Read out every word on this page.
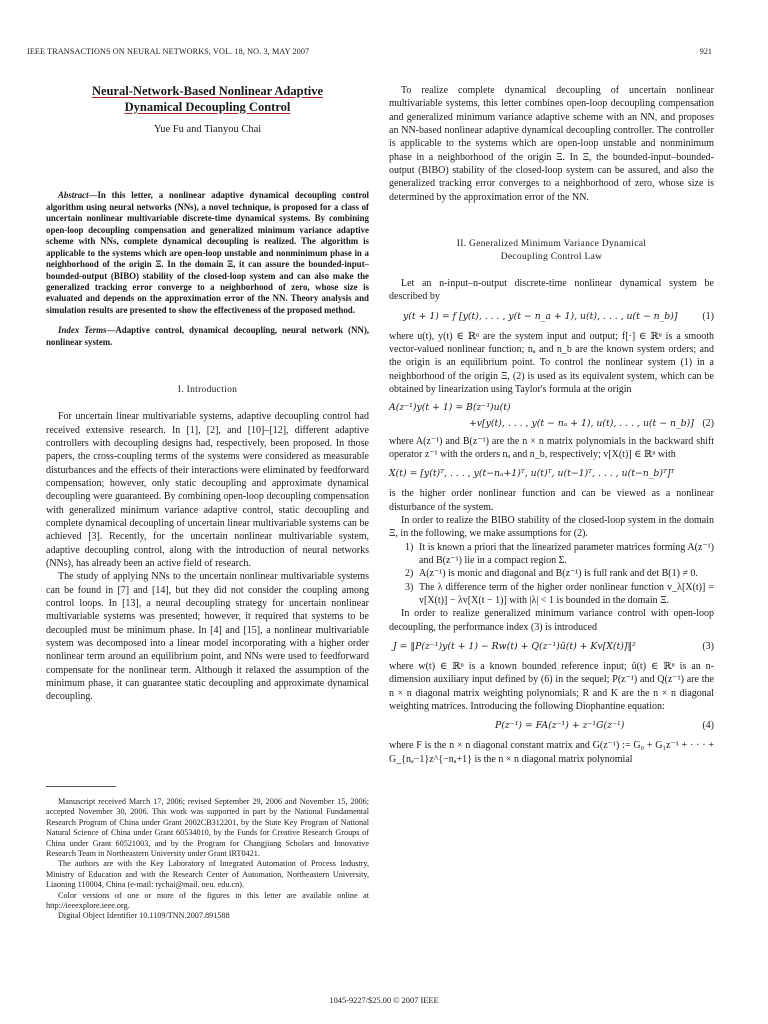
IEEE TRANSACTIONS ON NEURAL NETWORKS, VOL. 18, NO. 3, MAY 2007	921
Neural-Network-Based Nonlinear Adaptive
Dynamical Decoupling Control
Yue Fu and Tianyou Chai

Abstract—In this letter, a nonlinear adaptive dynamical decoupling control algorithm using neural networks (NNs), a novel technique, is proposed for a class of uncertain nonlinear multivariable discrete-time dynamical systems. By combining open-loop decoupling compensation and generalized minimum variance adaptive scheme with NNs, complete dynamical decoupling is realized. The algorithm is applicable to the systems which are open-loop unstable and nonminimum phase in a neighborhood of the origin Ξ. In the domain Ξ, it can assure the bounded-input–bounded-output (BIBO) stability of the closed-loop system and can also make the generalized tracking error converge to a neighborhood of zero, whose size is evaluated and depends on the approximation error of the NN. Theory analysis and simulation results are presented to show the effectiveness of the proposed method.

Index Terms—Adaptive control, dynamical decoupling, neural network (NN), nonlinear system.

I. Introduction

For uncertain linear multivariable systems, adaptive decoupling control had received extensive research. In [1], [2], and [10]–[12], different adaptive controllers with decoupling designs had, respectively, been proposed. In those papers, the cross-coupling terms of the systems were considered as measurable disturbances and the effects of their interactions were eliminated by feedforward compensation; however, only static decoupling and approximate dynamical decoupling were guaranteed. By combining open-loop decoupling compensation with generalized minimum variance adaptive control, static decoupling and complete dynamical decoupling of uncertain linear multivariable systems can be achieved [3]. Recently, for the uncertain nonlinear multivariable system, adaptive decoupling control, along with the introduction of neural networks (NNs), has already been an active field of research.

The study of applying NNs to the uncertain nonlinear multivariable systems can be found in [7] and [14], but they did not consider the coupling among control loops. In [13], a neural decoupling strategy for uncertain nonlinear multivariable systems was presented; however, it required that systems to be decoupled must be minimum phase. In [4] and [15], a nonlinear multivariable system was decomposed into a linear model incorporating with a higher order nonlinear term around an equilibrium point, and NNs were used to feedforward compensate for the nonlinear term. Although it relaxed the assumption of the minimum phase, it can guarantee static decoupling and approximate dynamical decoupling.

Manuscript received March 17, 2006; revised September 29, 2006 and November 15, 2006; accepted November 30, 2006. This work was supported in part by the National Fundamental Research Program of China under Grant 2002CB312201, by the State Key Program of National Natural Science of China under Grant 60534010, by the Funds for Creative Research Groups of China under Grant 60521003, and by the Program for Changjiang Scholars and Innovative Research Team in Northeastern University under Grant IRT0421.

The authors are with the Key Laboratory of Integrated Automation of Process Industry, Ministry of Education and with the Research Center of Automation, Northeastern University, Liaoning 110004, China (e-mail: tychai@mail. neu. edu.cn).

Color versions of one or more of the figures in this letter are available online at http://ieeexplore.ieee.org.

Digital Object Identifier 10.1109/TNN.2007.891588

To realize complete dynamical decoupling of uncertain nonlinear multivariable systems, this letter combines open-loop decoupling compensation and generalized minimum variance adaptive scheme with an NN, and proposes an NN-based nonlinear adaptive dynamical decoupling controller. The controller is applicable to the systems which are open-loop unstable and nonminimum phase in a neighborhood of the origin Ξ. In Ξ, the bounded-input–bounded-output (BIBO) stability of the closed-loop system can be assured, and also the generalized tracking error converges to a neighborhood of zero, whose size is determined by the approximation error of the NN.

II. Generalized Minimum Variance Dynamical
Decoupling Control Law

Let an n-input–n-output discrete-time nonlinear dynamical system be described by

y(t + 1) = f [y(t), . . . , y(t − n_a + 1), u(t), . . . , u(t − n_b)] (1)

where u(t), y(t) ∈ ℝⁿ are the system input and output; f[·] ∈ ℝⁿ is a smooth vector-valued nonlinear function; nₐ and n_b are the known system orders; and the origin is an equilibrium point. To control the nonlinear system (1) in a neighborhood of the origin Ξ, (2) is used as its equivalent system, which can be obtained by linearization using Taylor's formula at the origin

A(z⁻¹)y(t + 1) = B(z⁻¹)u(t)
+v[y(t), . . . , y(t − nₐ + 1), u(t), . . . , u(t − n_b)] (2)

where A(z⁻¹) and B(z⁻¹) are the n × n matrix polynomials in the backward shift operator z⁻¹ with the orders nₐ and n_b, respectively; v[X(t)] ∈ ℝⁿ with

X(t) = [y(t)ᵀ, . . . , y(t−nₐ+1)ᵀ, u(t)ᵀ, u(t−1)ᵀ, . . . , u(t−n_b)ᵀ]ᵀ

is the higher order nonlinear function and can be viewed as a nonlinear disturbance of the system.

In order to realize the BIBO stability of the closed-loop system in the domain Ξ, in the following, we make assumptions for (2).

1) It is known a priori that the linearized parameter matrices forming A(z⁻¹) and B(z⁻¹) lie in a compact region Σ.
2) A(z⁻¹) is monic and diagonal and B(z⁻¹) is full rank and det B(1) ≠ 0.
3) The λ difference term of the higher order nonlinear function v_λ[X(t)] = v[X(t)] − λv[X(t − 1)] with |λ| < 1 is bounded in the domain Ξ.

In order to realize generalized minimum variance control with open-loop decoupling, the performance index (3) is introduced

J = ‖P(z⁻¹)y(t + 1) − Rw(t) + Q(z⁻¹)ū(t) + Kv[X(t)]‖²	(3)

where w(t) ∈ ℝⁿ is a known bounded reference input; ū(t) ∈ ℝⁿ is an n-dimension auxiliary input defined by (6) in the sequel; P(z⁻¹) and Q(z⁻¹) are the n × n diagonal matrix weighting polynomials; R and K are the n × n diagonal weighting matrices. Introducing the following Diophantine equation:

P(z⁻¹) = FA(z⁻¹) + z⁻¹G(z⁻¹)	(4)

where F is the n × n diagonal constant matrix and G(z⁻¹) := G₀ + G₁z⁻¹ + · · · + G_{nₐ−1}z^{−nₐ+1} is the n × n diagonal matrix polynomial

1045-9227/$25.00 © 2007 IEEE
